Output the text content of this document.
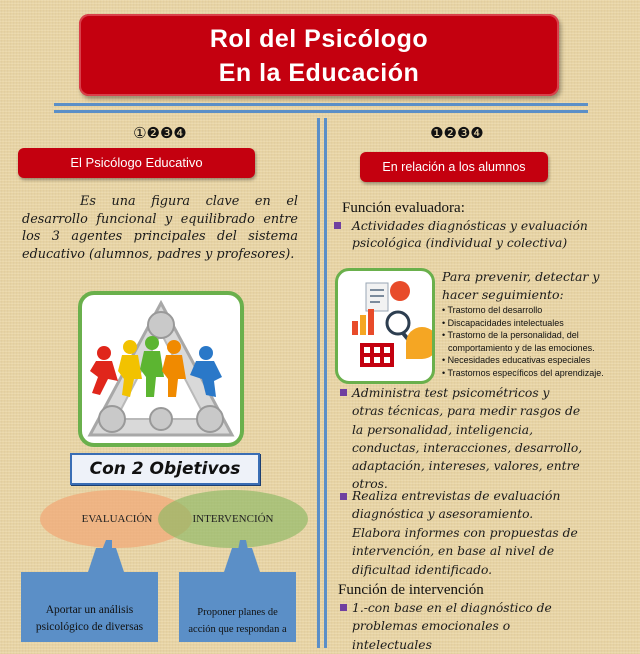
Rol del Psicólogo
En la Educación
①❷❸❹
El Psicólogo Educativo
Es una figura clave en el desarrollo funcional y equilibrado entre los 3 agentes principales del sistema educativo (alumnos, padres y profesores).
Con 2 Objetivos
EVALUACIÓN	INTERVENCIÓN
Aportar un análisis psicológico de diversas
Proponer planes de acción que respondan a
❶❷❸❹
En relación a los alumnos
Función evaluadora:
Actividades diagnósticas y evaluación psicológica (individual y colectiva)
Para prevenir, detectar y hacer seguimiento:
• Trastorno del desarrollo
• Discapacidades intelectuales
• Trastorno de la personalidad, del comportamiento y de las emociones.
• Necesidades educativas especiales
• Trastornos específicos del aprendizaje.
Administra test psicométricos y otras técnicas, para medir rasgos de la personalidad, inteligencia, conductas, interacciones, desarrollo, adaptación, intereses, valores, entre otros.
Realiza entrevistas de evaluación diagnóstica y asesoramiento.
Elabora informes con propuestas de intervención, en base al nivel de dificultad identificado.
Función de intervención
1.-con base en el diagnóstico de problemas emocionales o intelectuales
